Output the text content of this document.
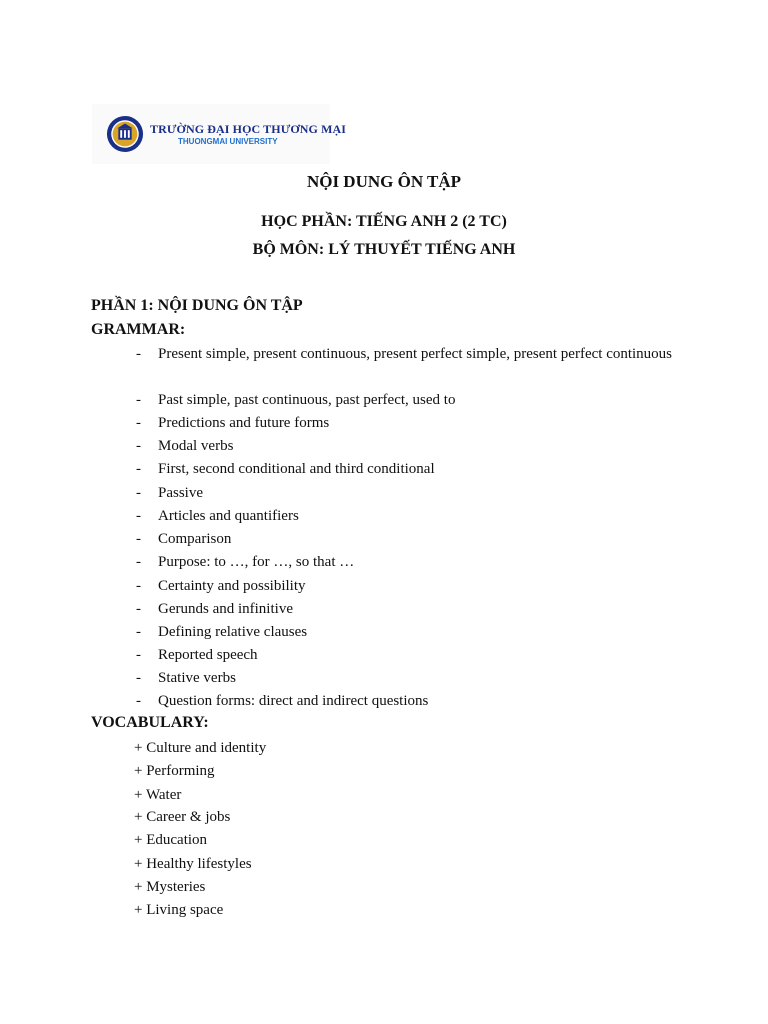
TRƯỜNG ĐẠI HỌC THƯƠNG MẠI
THUONGMAI UNIVERSITY
NỘI DUNG ÔN TẬP
HỌC PHẦN: TIẾNG ANH 2 (2 TC)
BỘ MÔN: LÝ THUYẾT TIẾNG ANH
PHẦN 1: NỘI DUNG ÔN TẬP
GRAMMAR:
- Present simple, present continuous, present perfect simple, present perfect continuous
- Past simple, past continuous, past perfect, used to
- Predictions and future forms
- Modal verbs
- First, second conditional and third conditional
- Passive
- Articles and quantifiers
- Comparison
- Purpose: to …, for …, so that …
- Certainty and possibility
- Gerunds and infinitive
- Defining relative clauses
- Reported speech
- Stative verbs
- Question forms: direct and indirect questions
VOCABULARY:
+ Culture and identity
+ Performing
+ Water
+ Career & jobs
+ Education
+ Healthy lifestyles
+ Mysteries
+ Living space
